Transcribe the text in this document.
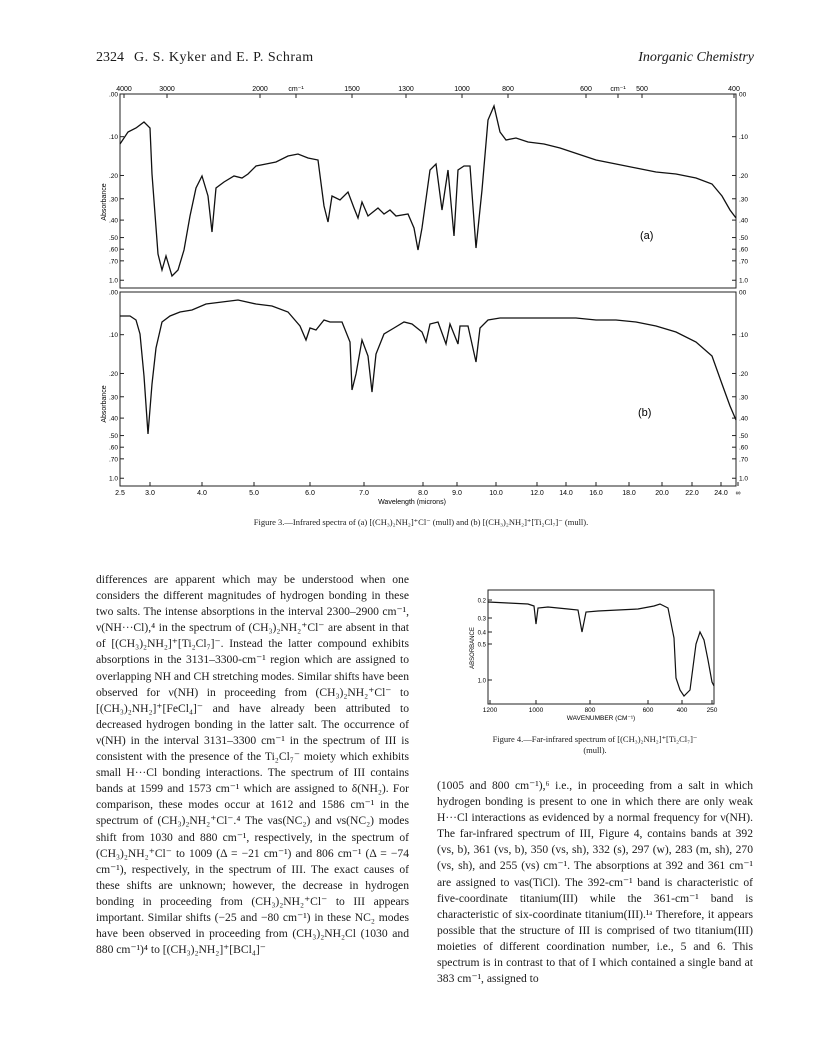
2324 G. S. Kyker and E. P. Schram	Inorganic Chemistry
4000	3000	2000	cm⁻¹	1500	1300	1000	800	600	cm⁻¹ 500	400
2.5	3.0	4.0	5.0	6.0	7.0	8.0	9.0	10.0	12.0 14.0 16.0	18.0	20.0 22.0 24.0 ∞
.00
.10
.20
.30
.40
.50
.60
.70
1.0
.00
.10
.20
.30
.40
.50
.60
.70
1.0
00
.10
.20
.30
.40
.50
.60
.70
1.0
00
.10
.20
.30
.40
.50
.60
.70
1.0
(a)
(b)
Wavelength (microns)
Absorbance
Absorbance
Figure 3.—Infrared spectra of (a) [(CH₃)₂NH₂]⁺Cl⁻ (mull) and (b) [(CH₃)₂NH₂]⁺[Ti₂Cl₇]⁻ (mull).

differences are apparent which may be understood when one considers the different magnitudes of hydrogen bonding in these two salts. The intense absorptions in the interval 2300–2900 cm⁻¹, ν(NH···Cl),⁴ in the spectrum of (CH₃)₂NH₂⁺Cl⁻ are absent in that of [(CH₃)₂NH₂]⁺[Ti₂Cl₇]⁻. Instead the latter compound exhibits absorptions in the 3131–3300-cm⁻¹ region which are assigned to overlapping NH and CH stretching modes. Similar shifts have been observed for ν(NH) in proceeding from (CH₃)₂NH₂⁺Cl⁻ to [(CH₃)₂NH₂]⁺[FeCl₄]⁻ and have already been attributed to decreased hydrogen bonding in the latter salt. The occurrence of ν(NH) in the interval 3131–3300 cm⁻¹ in the spectrum of III is consistent with the presence of the Ti₂Cl₇⁻ moiety which exhibits small H···Cl bonding interactions. The spectrum of III contains bands at 1599 and 1573 cm⁻¹ which are assigned to δ(NH₂). For comparison, these modes occur at 1612 and 1586 cm⁻¹ in the spectrum of (CH₃)₂NH₂⁺Cl⁻.⁴ The νas(NC₂) and νs(NC₂) modes shift from 1030 and 880 cm⁻¹, respectively, in the spectrum of (CH₃)₂NH₂⁺Cl⁻ to 1009 (Δ = −21 cm⁻¹) and 806 cm⁻¹ (Δ = −74 cm⁻¹), respectively, in the spectrum of III. The exact causes of these shifts are unknown; however, the decrease in hydrogen bonding in proceeding from (CH₃)₂NH₂⁺Cl⁻ to III appears important. Similar shifts (−25 and −80 cm⁻¹) in these NC₂ modes have been observed in proceeding from (CH₃)₂NH₂Cl (1030 and 880 cm⁻¹)⁴ to [(CH₃)₂NH₂]⁺[BCl₄]⁻

1200	1000	800	600	400	250
0.2
0.3
0.4
0.5
1.0
WAVENUMBER (CM⁻¹)
ABSORBANCE
Figure 4.—Far-infrared spectrum of [(CH₃)₂NH₂]⁺[Ti₂Cl₇]⁻
(mull).

(1005 and 800 cm⁻¹),⁶ i.e., in proceeding from a salt in which hydrogen bonding is present to one in which there are only weak H···Cl interactions as evidenced by a normal frequency for ν(NH). The far-infrared spectrum of III, Figure 4, contains bands at 392 (vs, b), 361 (vs, b), 350 (vs, sh), 332 (s), 297 (w), 283 (m, sh), 270 (vs, sh), and 255 (vs) cm⁻¹. The absorptions at 392 and 361 cm⁻¹ are assigned to νas(TiCl). The 392-cm⁻¹ band is characteristic of five-coordinate titanium(III) while the 361-cm⁻¹ band is characteristic of six-coordinate titanium(III).¹ᵃ Therefore, it appears possible that the structure of III is comprised of two titanium(III) moieties of different coordination number, i.e., 5 and 6. This spectrum is in contrast to that of I which contained a single band at 383 cm⁻¹, assigned to
